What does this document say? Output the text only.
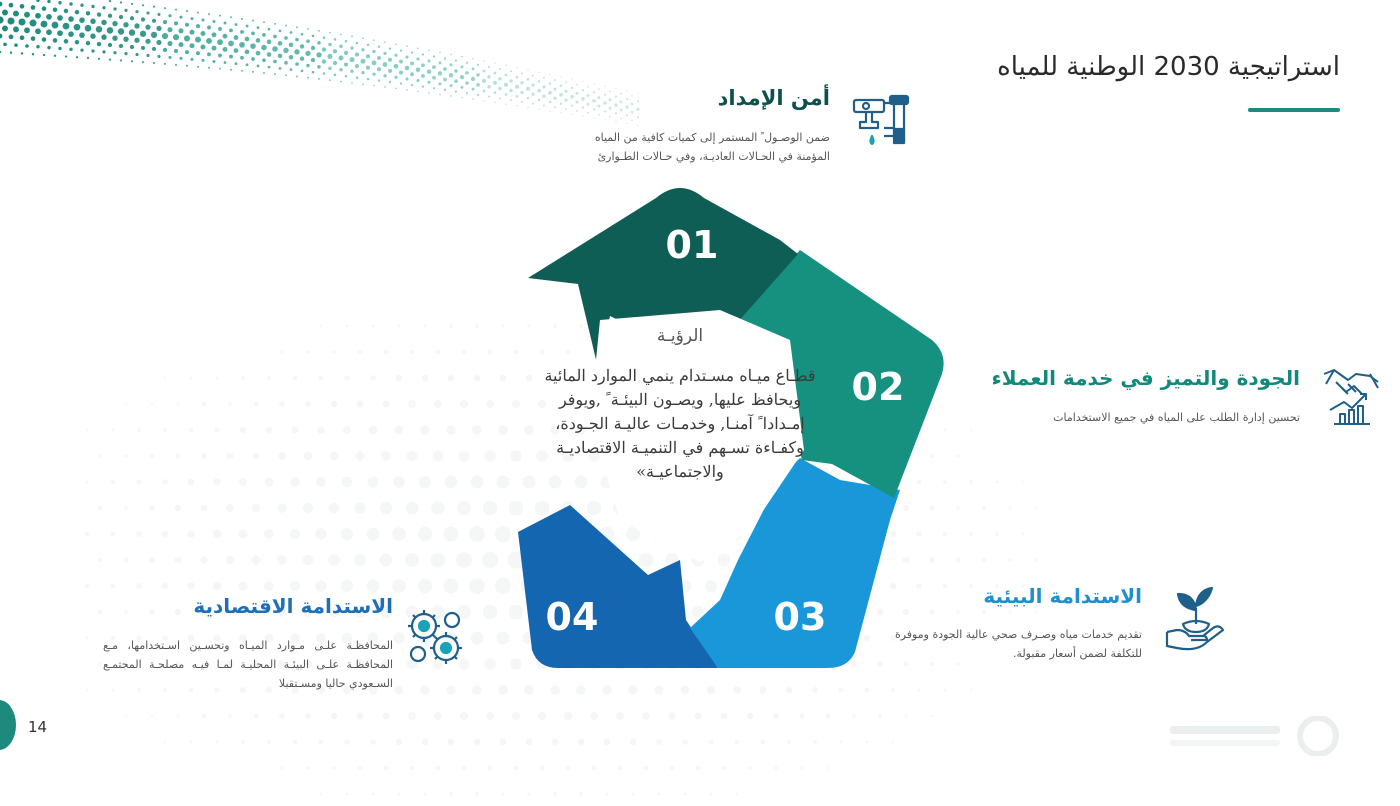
استراتيجية 2030 الوطنية للمياه
أمن الإمداد
ضمن الوصـول ً المستمر إلى كميات كافية من المياه المؤمنة في الحـالات العاديـة، وفي حـالات الطـوارئ
الجودة والتميز في خدمة العملاء
تحسين إدارة الطلب على المياه في جميع الاستخدامات
الاستدامة البيئية
تقديم خدمات مياه وصـرف صحي عالية الجودة وموفرة للتكلفة لضمن أسعار مقبولة.
الاستدامة الاقتصادية
المحافظـة علـى مـوارد الميـاه وتحسـين اسـتخدامها، مـع المحافظـة علـى البيئـة المحليـة لمـا فيـه مصلحـة المجتمـع السـعودي حاليا ومسـتقبلا
01
02
03
04
الرؤيـة
قطـاع ميـاه مسـتدام ينمي الموارد المائية ويحافظ عليها, ويصـون البيئـة ً ,ويوفر إمـدادا ً آمنـا, وخدمـات عاليـة الجـودة، وكفـاءة تسـهم في التنميـة الاقتصاديـة والاجتماعيـة»
14
